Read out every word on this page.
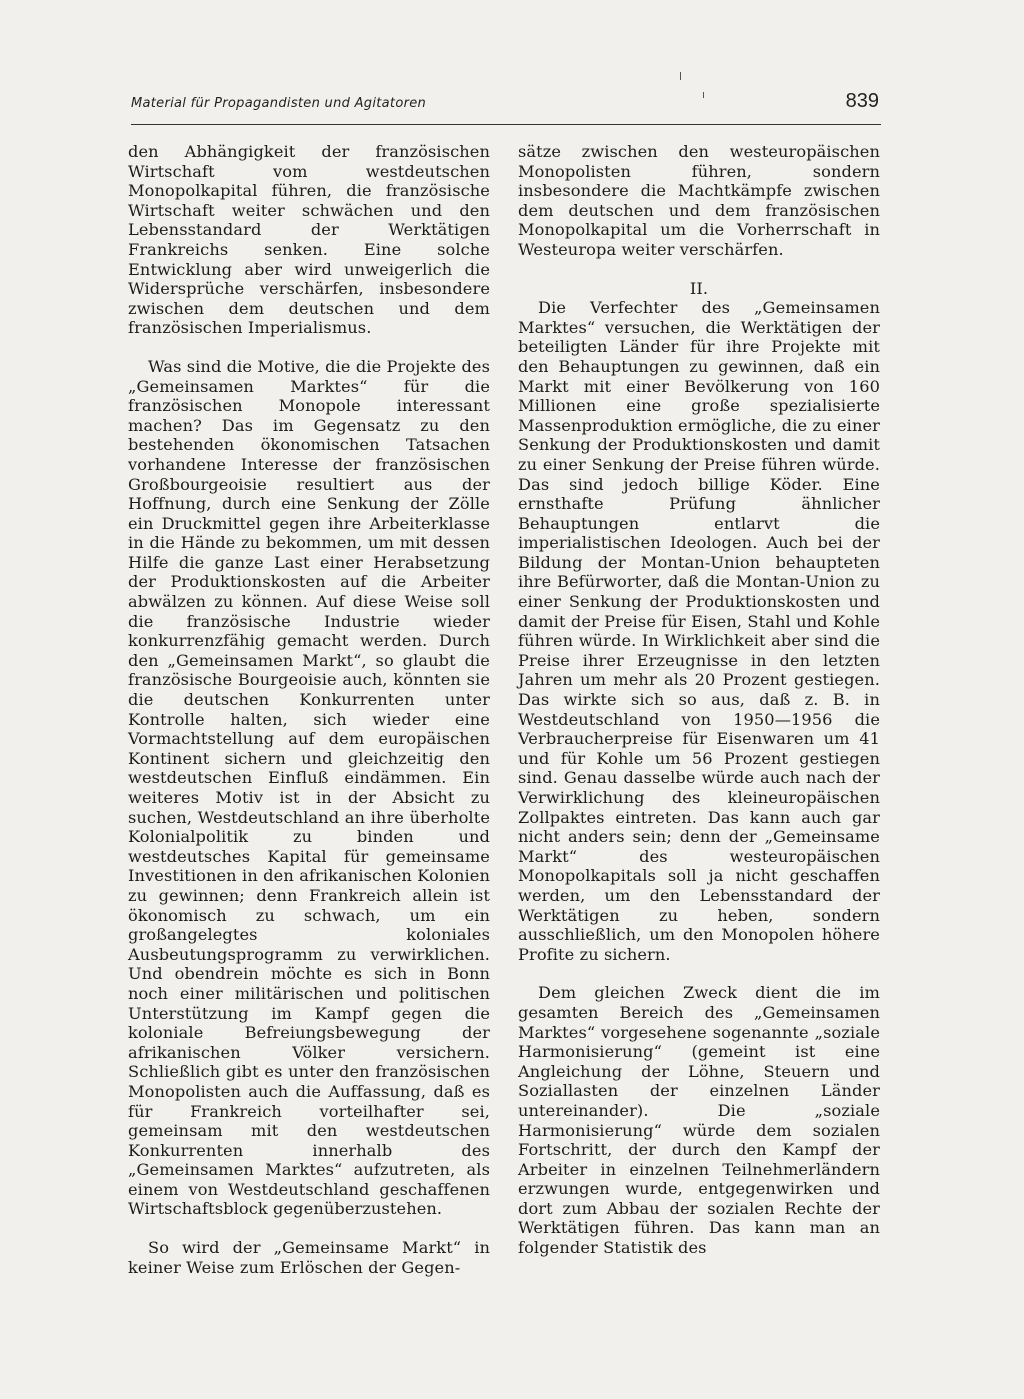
Material für Propagandisten und Agitatoren	839

den Abhängigkeit der französischen Wirtschaft vom westdeutschen Monopolkapital führen, die französische Wirtschaft weiter schwächen und den Lebensstandard der Werktätigen Frankreichs senken. Eine solche Entwicklung aber wird unweigerlich die Widersprüche verschärfen, insbesondere zwischen dem deutschen und dem französischen Imperialismus.

Was sind die Motive, die die Projekte des „Gemeinsamen Marktes“ für die französischen Monopole interessant machen? Das im Gegensatz zu den bestehenden ökonomischen Tatsachen vorhandene Interesse der französischen Großbourgeoisie resultiert aus der Hoffnung, durch eine Senkung der Zölle ein Druckmittel gegen ihre Arbeiterklasse in die Hände zu bekommen, um mit dessen Hilfe die ganze Last einer Herabsetzung der Produktionskosten auf die Arbeiter abwälzen zu können. Auf diese Weise soll die französische Industrie wieder konkurrenzfähig gemacht werden. Durch den „Gemeinsamen Markt“, so glaubt die französische Bourgeoisie auch, könnten sie die deutschen Konkurrenten unter Kontrolle halten, sich wieder eine Vormachtstellung auf dem europäischen Kontinent sichern und gleichzeitig den westdeutschen Einfluß eindämmen. Ein weiteres Motiv ist in der Absicht zu suchen, Westdeutschland an ihre überholte Kolonialpolitik zu binden und westdeutsches Kapital für gemeinsame Investitionen in den afrikanischen Kolonien zu gewinnen; denn Frankreich allein ist ökonomisch zu schwach, um ein großangelegtes koloniales Ausbeutungsprogramm zu verwirklichen. Und obendrein möchte es sich in Bonn noch einer militärischen und politischen Unterstützung im Kampf gegen die koloniale Befreiungsbewegung der afrikanischen Völker versichern. Schließlich gibt es unter den französischen Monopolisten auch die Auffassung, daß es für Frankreich vorteilhafter sei, gemeinsam mit den westdeutschen Konkurrenten innerhalb des „Gemeinsamen Marktes“ aufzutreten, als einem von Westdeutschland geschaffenen Wirtschaftsblock gegenüberzustehen.

So wird der „Gemeinsame Markt“ in keiner Weise zum Erlöschen der Gegen-

sätze zwischen den westeuropäischen Monopolisten führen, sondern insbesondere die Machtkämpfe zwischen dem deutschen und dem französischen Monopolkapital um die Vorherrschaft in Westeuropa weiter verschärfen.

II.

Die Verfechter des „Gemeinsamen Marktes“ versuchen, die Werktätigen der beteiligten Länder für ihre Projekte mit den Behauptungen zu gewinnen, daß ein Markt mit einer Bevölkerung von 160 Millionen eine große spezialisierte Massenproduktion ermögliche, die zu einer Senkung der Produktionskosten und damit zu einer Senkung der Preise führen würde. Das sind jedoch billige Köder. Eine ernsthafte Prüfung ähnlicher Behauptungen entlarvt die imperialistischen Ideologen. Auch bei der Bildung der Montan-Union behaupteten ihre Befürworter, daß die Montan-Union zu einer Senkung der Produktionskosten und damit der Preise für Eisen, Stahl und Kohle führen würde. In Wirklichkeit aber sind die Preise ihrer Erzeugnisse in den letzten Jahren um mehr als 20 Prozent gestiegen. Das wirkte sich so aus, daß z. B. in Westdeutschland von 1950—1956 die Verbraucherpreise für Eisenwaren um 41 und für Kohle um 56 Prozent gestiegen sind. Genau dasselbe würde auch nach der Verwirklichung des kleineuropäischen Zollpaktes eintreten. Das kann auch gar nicht anders sein; denn der „Gemeinsame Markt“ des westeuropäischen Monopolkapitals soll ja nicht geschaffen werden, um den Lebensstandard der Werktätigen zu heben, sondern ausschließlich, um den Monopolen höhere Profite zu sichern.

Dem gleichen Zweck dient die im gesamten Bereich des „Gemeinsamen Marktes“ vorgesehene sogenannte „soziale Harmonisierung“ (gemeint ist eine Angleichung der Löhne, Steuern und Soziallasten der einzelnen Länder untereinander). Die „soziale Harmonisierung“ würde dem sozialen Fortschritt, der durch den Kampf der Arbeiter in einzelnen Teilnehmerländern erzwungen wurde, entgegenwirken und dort zum Abbau der sozialen Rechte der Werktätigen führen. Das kann man an folgender Statistik des
